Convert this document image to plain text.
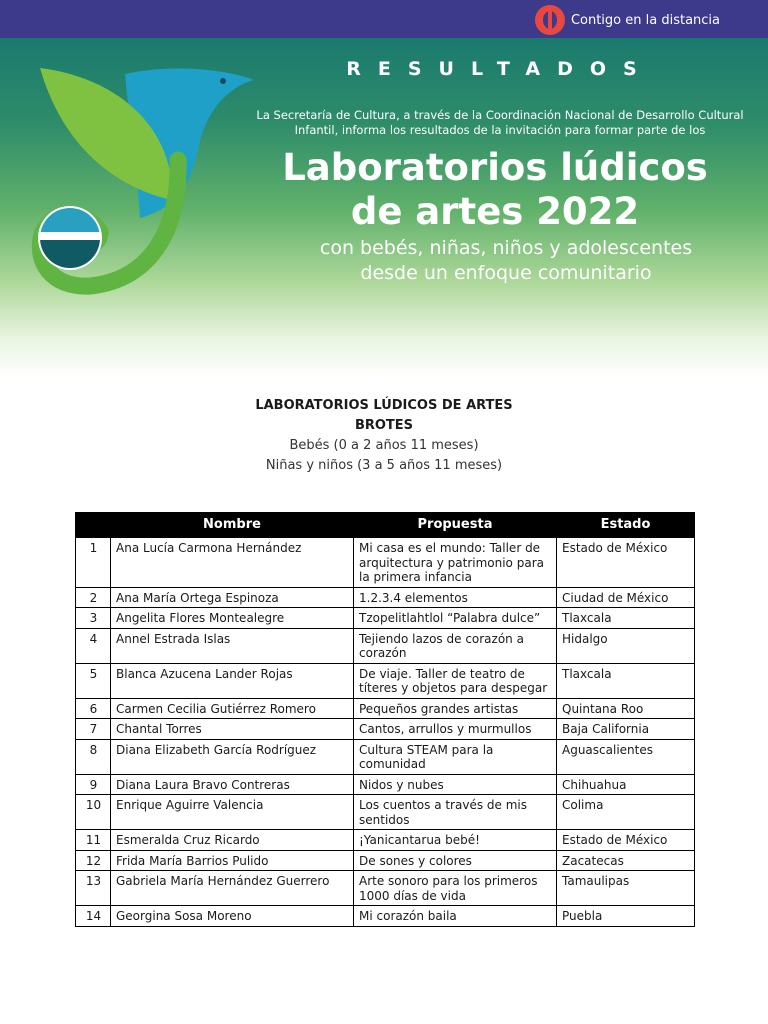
Contigo en la distancia
RESULTADOS
La Secretaría de Cultura, a través de la Coordinación Nacional de Desarrollo Cultural Infantil, informa los resultados de la invitación para formar parte de los
Laboratorios lúdicos
de artes 2022
con bebés, niñas, niños y adolescentes
desde un enfoque comunitario
LABORATORIOS LÚDICOS DE ARTES
BROTES
Bebés (0 a 2 años 11 meses)
Niñas y niños (3 a 5 años 11 meses)
	Nombre	Propuesta	Estado
1	Ana Lucía Carmona Hernández	Mi casa es el mundo: Taller de arquitectura y patrimonio para la primera infancia	Estado de México
2	Ana María Ortega Espinoza	1.2.3.4 elementos	Ciudad de México
3	Angelita Flores Montealegre	Tzopelitlahtlol “Palabra dulce”	Tlaxcala
4	Annel Estrada Islas	Tejiendo lazos de corazón a corazón	Hidalgo
5	Blanca Azucena Lander Rojas	De viaje. Taller de teatro de títeres y objetos para despegar	Tlaxcala
6	Carmen Cecilia Gutiérrez Romero	Pequeños grandes artistas	Quintana Roo
7	Chantal Torres	Cantos, arrullos y murmullos	Baja California
8	Diana Elizabeth García Rodríguez	Cultura STEAM para la comunidad	Aguascalientes
9	Diana Laura Bravo Contreras	Nidos y nubes	Chihuahua
10	Enrique Aguirre Valencia	Los cuentos a través de mis sentidos	Colima
11	Esmeralda Cruz Ricardo	¡Yanicantarua bebé!	Estado de México
12	Frida María Barrios Pulido	De sones y colores	Zacatecas
13	Gabriela María Hernández Guerrero	Arte sonoro para los primeros 1000 días de vida	Tamaulipas
14	Georgina Sosa Moreno	Mi corazón baila	Puebla
